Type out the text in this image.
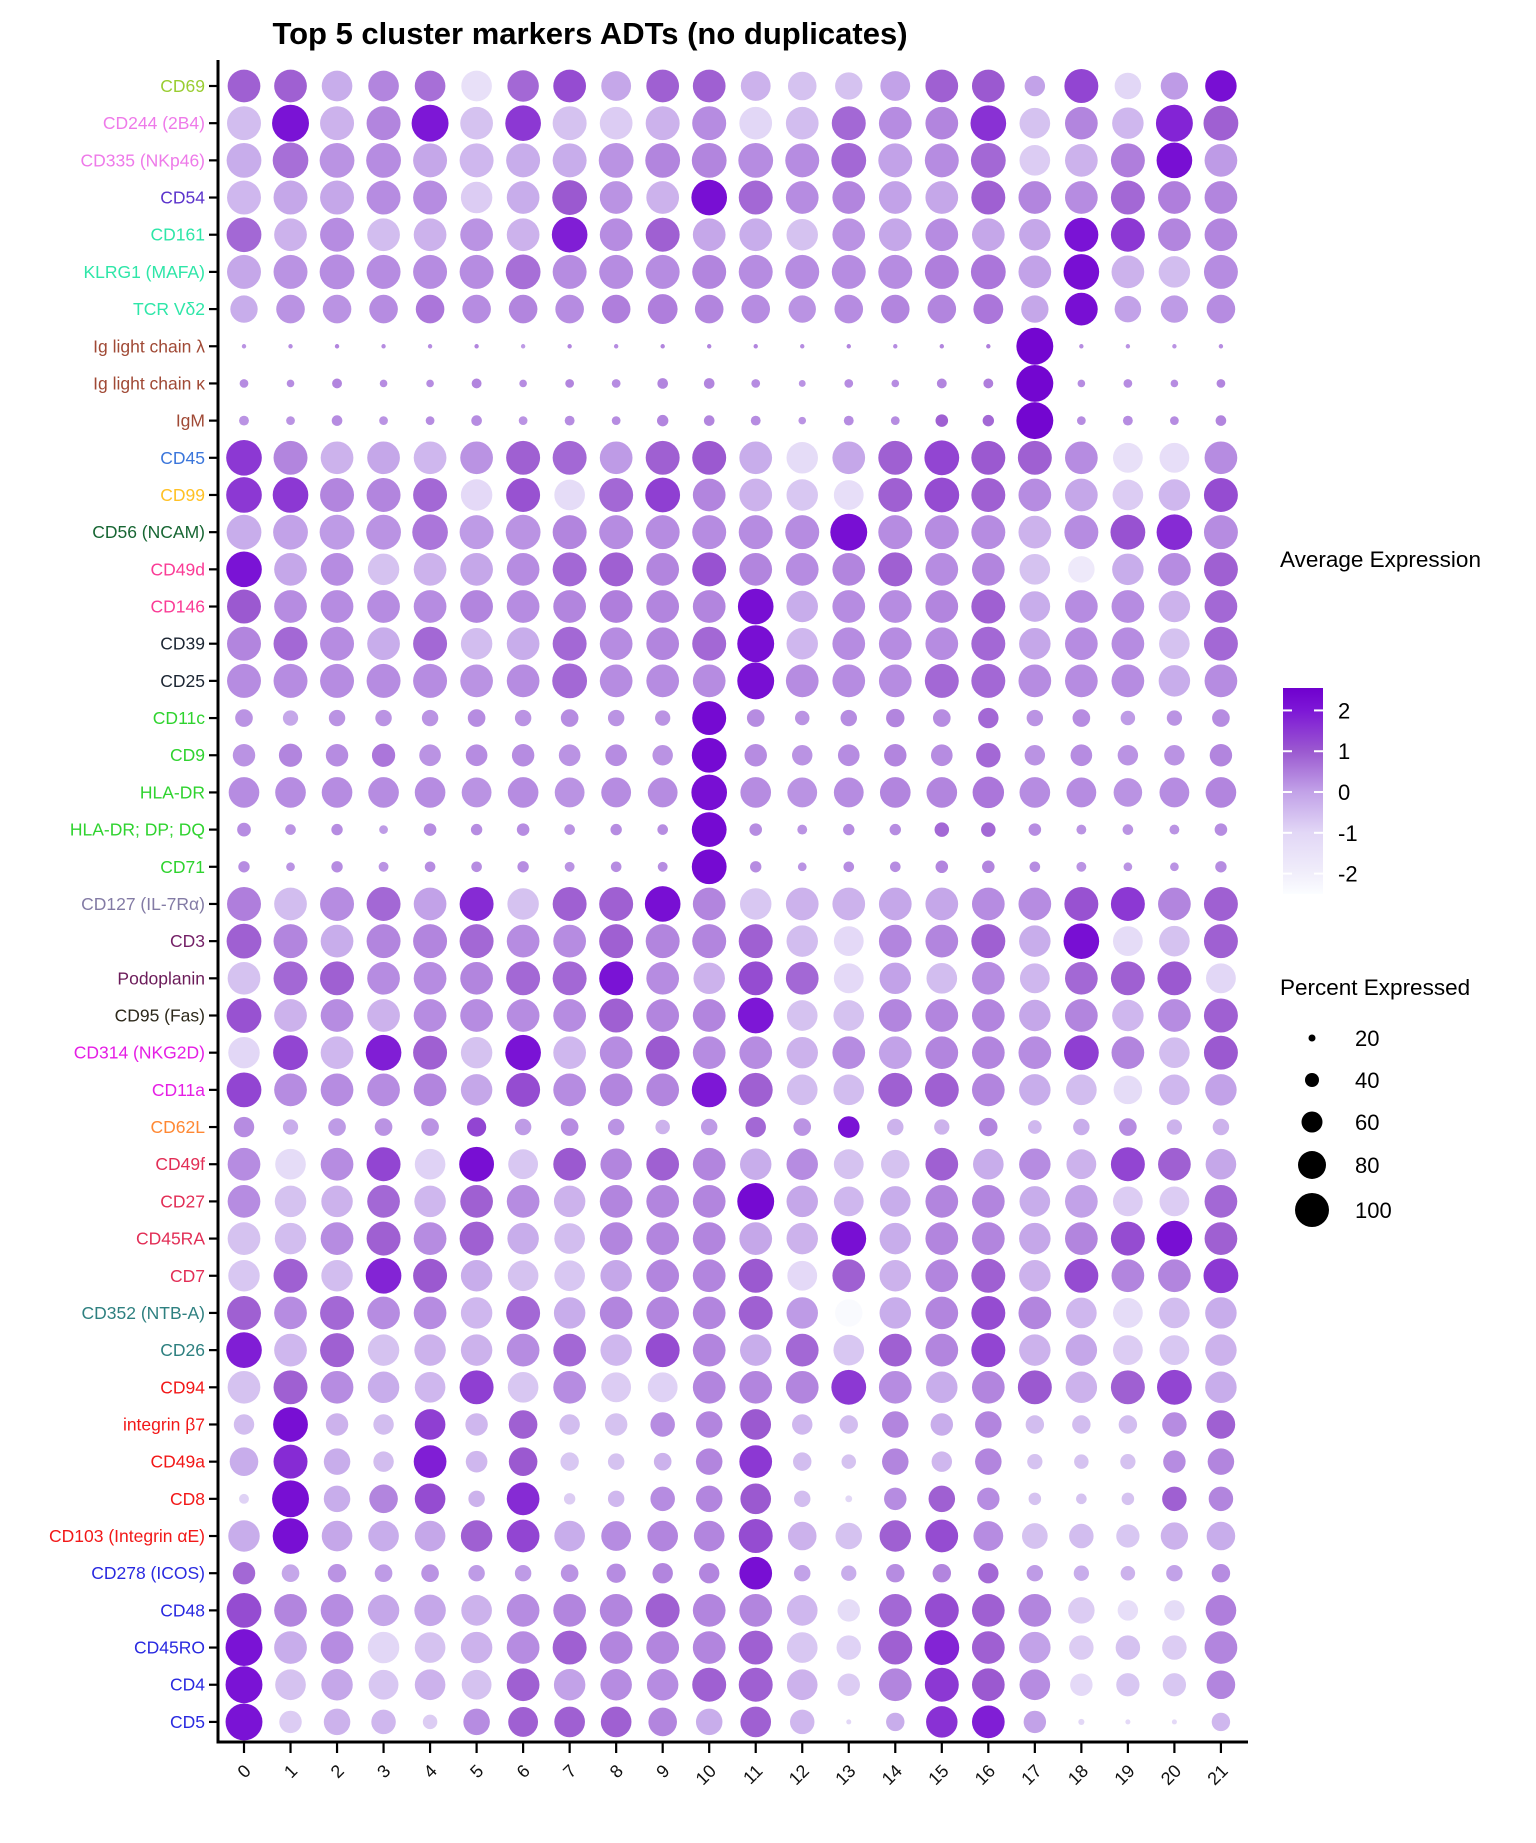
Top 5 cluster markers ADTs (no duplicates)
CD69
CD244 (2B4)
CD335 (NKp46)
CD54
CD161
KLRG1 (MAFA)
TCR Vδ2
Ig light chain λ
Ig light chain κ
IgM
CD45
CD99
CD56 (NCAM)
CD49d
CD146
CD39
CD25
CD11c
CD9
HLA-DR
HLA-DR; DP; DQ
CD71
CD127 (IL-7Rα)
CD3
Podoplanin
CD95 (Fas)
CD314 (NKG2D)
CD11a
CD62L
CD49f
CD27
CD45RA
CD7
CD352 (NTB-A)
CD26
CD94
integrin β7
CD49a
CD8
CD103 (Integrin αE)
CD278 (ICOS)
CD48
CD45RO
CD4
CD5
0 1 2 3 4 5 6 7 8 9 10 11 12 13 14 15 16 17 18 19 20 21
Average Expression
Percent Expressed
2
1
0
-1
-2
20
40
60
80
100
